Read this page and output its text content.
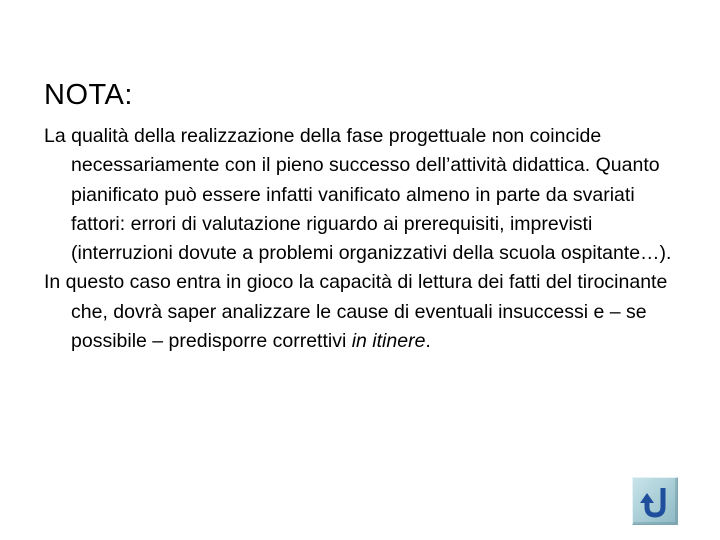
NOTA:

La qualità della realizzazione della fase progettuale non coincide necessariamente con il pieno successo dell’attività didattica. Quanto pianificato può essere infatti vanificato almeno in parte da svariati fattori: errori di valutazione riguardo ai prerequisiti, imprevisti (interruzioni dovute a problemi organizzativi della scuola ospitante…).

In questo caso entra in gioco la capacità di lettura dei fatti del tirocinante che, dovrà saper analizzare le cause di eventuali insuccessi e – se possibile – predisporre correttivi in itinere.
